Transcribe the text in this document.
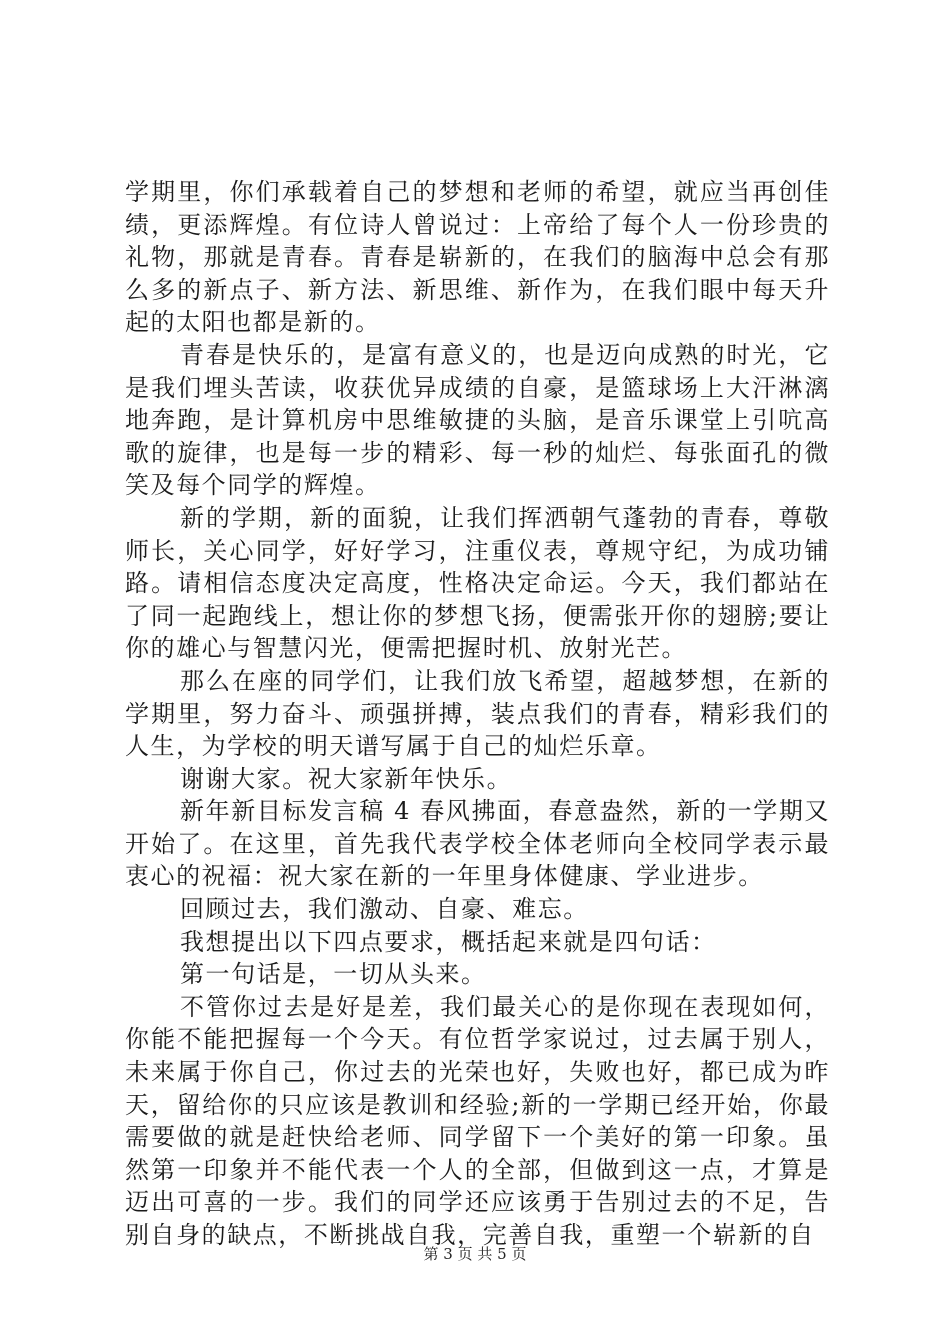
学期里，你们承载着自己的梦想和老师的希望，就应当再创佳绩，更添辉煌。有位诗人曾说过：上帝给了每个人一份珍贵的礼物，那就是青春。青春是崭新的，在我们的脑海中总会有那么多的新点子、新方法、新思维、新作为，在我们眼中每天升起的太阳也都是新的。

青春是快乐的，是富有意义的，也是迈向成熟的时光，它是我们埋头苦读，收获优异成绩的自豪，是篮球场上大汗淋漓地奔跑，是计算机房中思维敏捷的头脑，是音乐课堂上引吭高歌的旋律，也是每一步的精彩、每一秒的灿烂、每张面孔的微笑及每个同学的辉煌。

新的学期，新的面貌，让我们挥洒朝气蓬勃的青春，尊敬师长，关心同学，好好学习，注重仪表，尊规守纪，为成功铺路。请相信态度决定高度，性格决定命运。今天，我们都站在了同一起跑线上，想让你的梦想飞扬，便需张开你的翅膀;要让你的雄心与智慧闪光，便需把握时机、放射光芒。

那么在座的同学们，让我们放飞希望，超越梦想，在新的学期里，努力奋斗、顽强拼搏，装点我们的青春，精彩我们的人生，为学校的明天谱写属于自己的灿烂乐章。

谢谢大家。祝大家新年快乐。

新年新目标发言稿 4 春风拂面，春意盎然，新的一学期又开始了。在这里，首先我代表学校全体老师向全校同学表示最衷心的祝福：祝大家在新的一年里身体健康、学业进步。

回顾过去，我们激动、自豪、难忘。

我想提出以下四点要求，概括起来就是四句话：

第一句话是，一切从头来。

不管你过去是好是差，我们最关心的是你现在表现如何，你能不能把握每一个今天。有位哲学家说过，过去属于别人，未来属于你自己，你过去的光荣也好，失败也好，都已成为昨天，留给你的只应该是教训和经验;新的一学期已经开始，你最需要做的就是赶快给老师、同学留下一个美好的第一印象。虽然第一印象并不能代表一个人的全部，但做到这一点，才算是迈出可喜的一步。我们的同学还应该勇于告别过去的不足，告别自身的缺点，不断挑战自我，完善自我，重塑一个崭新的自

第 3 页 共 5 页
